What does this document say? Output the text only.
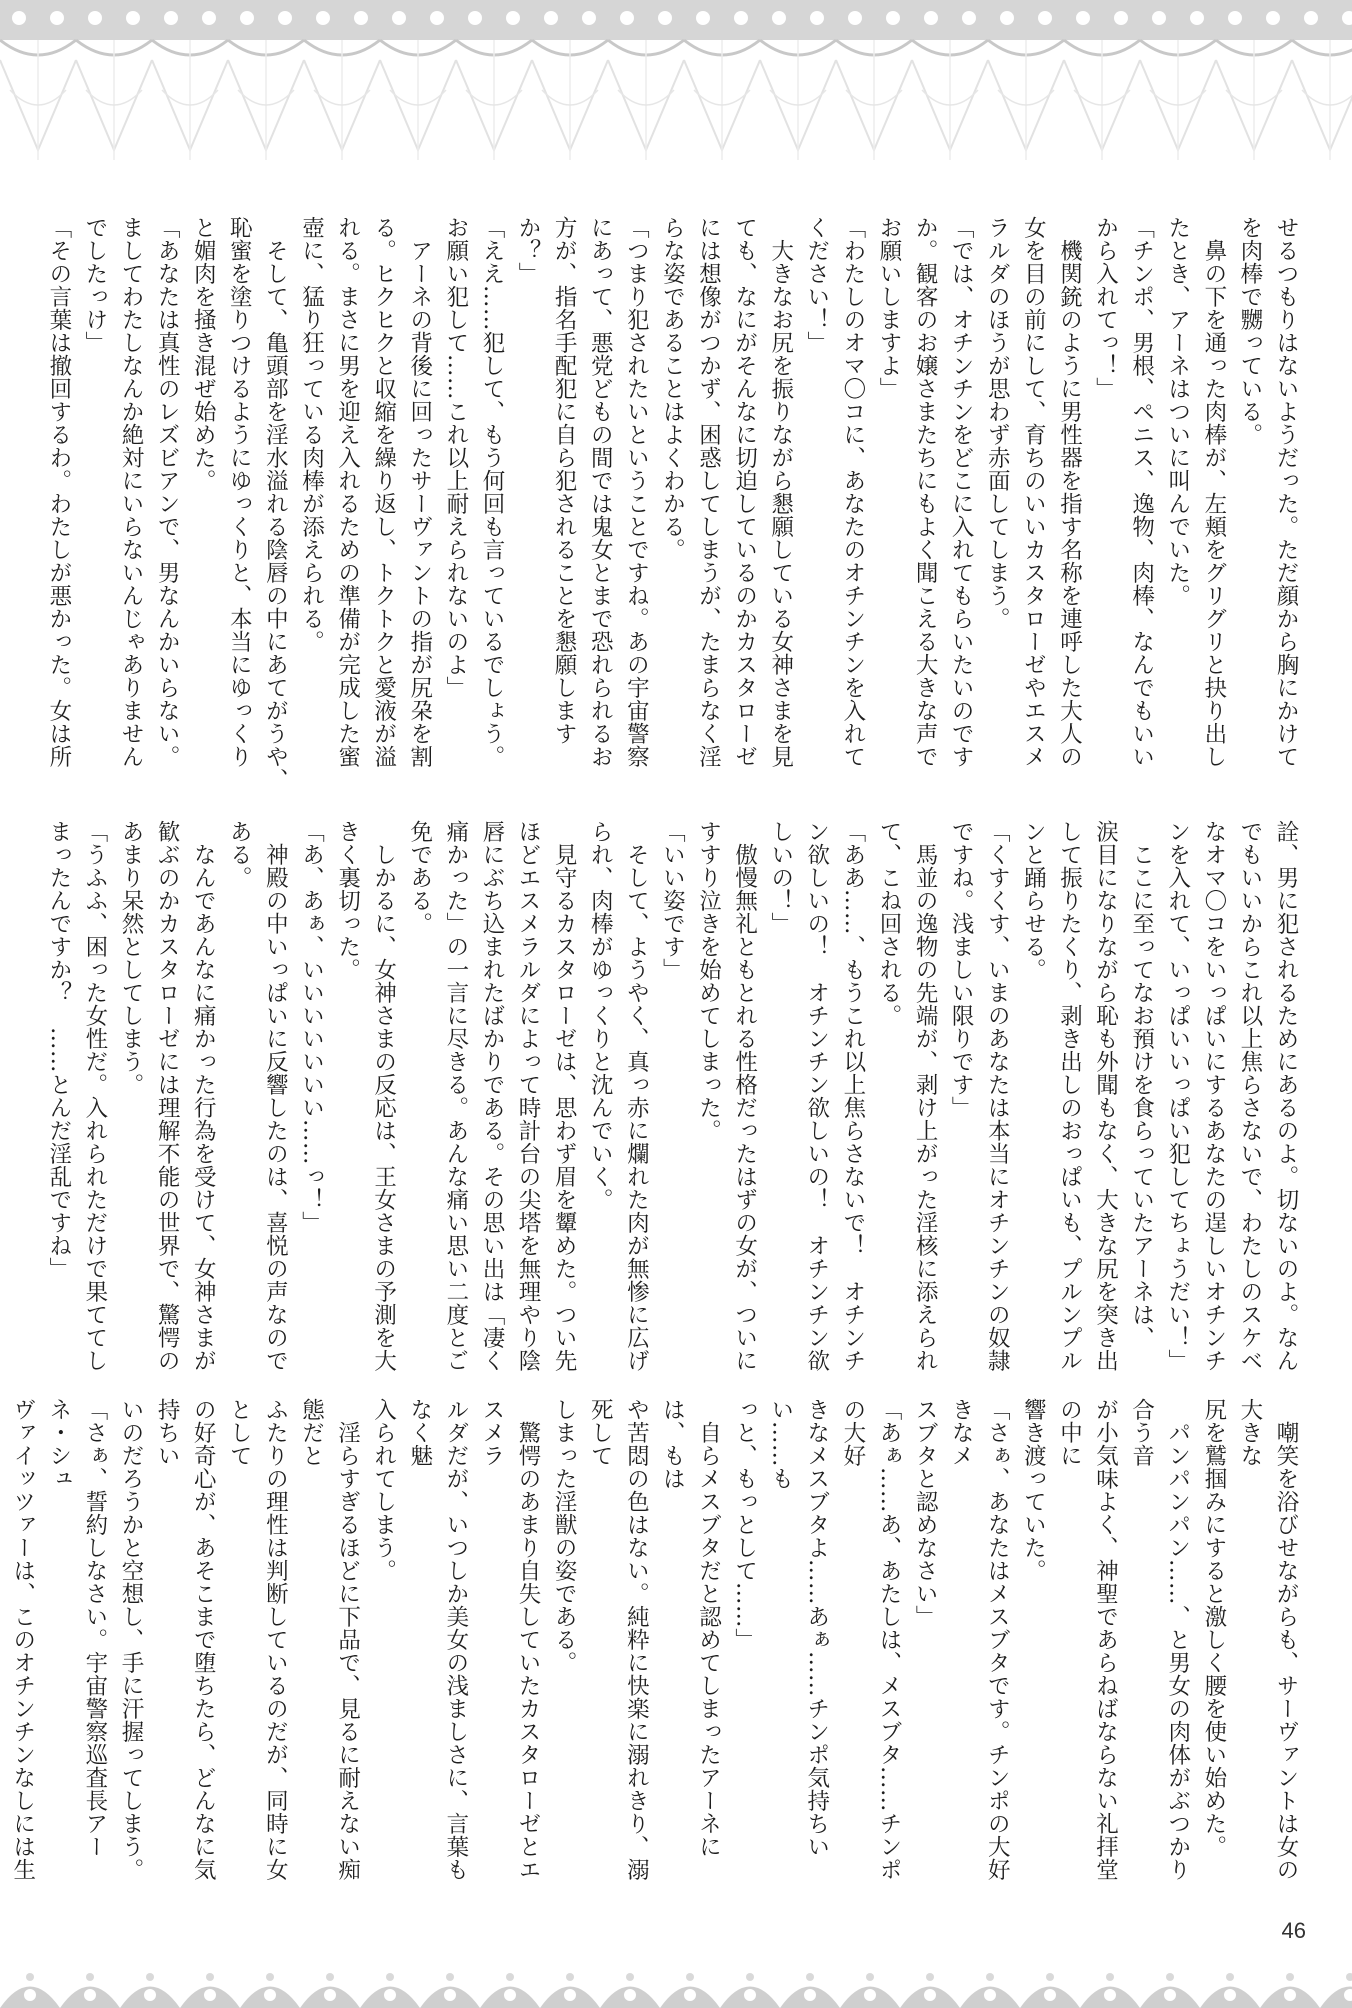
せるつもりはないようだった。ただ顔から胸にかけて

を肉棒で嬲っている。

　鼻の下を通った肉棒が、左頬をグリグリと抉り出し

たとき、アーネはついに叫んでいた。

「チンポ、男根、ペニス、逸物、肉棒、なんでもいい

から入れてっ！」

　機関銃のように男性器を指す名称を連呼した大人の

女を目の前にして、育ちのいいカスタローゼやエスメ

ラルダのほうが思わず赤面してしまう。

「では、オチンチンをどこに入れてもらいたいのです

か。観客のお嬢さまたちにもよく聞こえる大きな声で

お願いしますよ」

「わたしのオマ〇コに、あなたのオチンチンを入れて

ください！」

　大きなお尻を振りながら懇願している女神さまを見

ても、なにがそんなに切迫しているのかカスタローゼ

には想像がつかず、困惑してしまうが、たまらなく淫

らな姿であることはよくわかる。

「つまり犯されたいということですね。あの宇宙警察

にあって、悪党どもの間では鬼女とまで恐れられるお

方が、指名手配犯に自ら犯されることを懇願します

か？」

「ええ……犯して、もう何回も言っているでしょう。

お願い犯して……これ以上耐えられないのよ」

　アーネの背後に回ったサーヴァントの指が尻朶を割

る。ヒクヒクと収縮を繰り返し、トクトクと愛液が溢

れる。まさに男を迎え入れるための準備が完成した蜜

壺に、猛り狂っている肉棒が添えられる。

　そして、亀頭部を淫水溢れる陰唇の中にあてがうや、

恥蜜を塗りつけるようにゆっくりと、本当にゆっくり

と媚肉を掻き混ぜ始めた。

「あなたは真性のレズビアンで、男なんかいらない。

ましてわたしなんか絶対にいらないんじゃありません

でしたっけ」

「その言葉は撤回するわ。わたしが悪かった。女は所

詮、男に犯されるためにあるのよ。切ないのよ。なん

でもいいからこれ以上焦らさないで、わたしのスケベ

なオマ〇コをいっぱいにするあなたの逞しいオチンチ

ンを入れて、いっぱいいっぱい犯してちょうだい！」

　ここに至ってなお預けを食らっていたアーネは、

涙目になりながら恥も外聞もなく、大きな尻を突き出

して振りたくり、剥き出しのおっぱいも、プルンプル

ンと踊らせる。

「くすくす、いまのあなたは本当にオチンチンの奴隷

ですね。浅ましい限りです」

　馬並の逸物の先端が、剥け上がった淫核に添えられ

て、こね回される。

「ああ……、もうこれ以上焦らさないで！　オチンチ

ン欲しいの！　オチンチン欲しいの！　オチンチン欲

しいの！」

　傲慢無礼ともとれる性格だったはずの女が、ついに

すすり泣きを始めてしまった。

「いい姿です」

　そして、ようやく、真っ赤に爛れた肉が無惨に広げ

られ、肉棒がゆっくりと沈んでいく。

　見守るカスタローゼは、思わず眉を顰めた。つい先

ほどエスメラルダによって時計台の尖塔を無理やり陰

唇にぶち込まれたばかりである。その思い出は「凄く

痛かった」の一言に尽きる。あんな痛い思い二度とご

免である。

　しかるに、女神さまの反応は、王女さまの予測を大

きく裏切った。

「あ、あぁ、いいいいいいい……っ！」

　神殿の中いっぱいに反響したのは、喜悦の声なので

ある。

　なんであんなに痛かった行為を受けて、女神さまが

歓ぶのかカスタローゼには理解不能の世界で、驚愕の

あまり呆然としてしまう。

「うふふ、困った女性だ。入れられただけで果ててし

まったんですか？　……とんだ淫乱ですね」

　嘲笑を浴びせながらも、サーヴァントは女の大きな

尻を鷲掴みにすると激しく腰を使い始めた。

　パンパンパン……、と男女の肉体がぶつかり合う音

が小気味よく、神聖であらねばならない礼拝堂の中に

響き渡っていた。

「さぁ、あなたはメスブタです。チンポの大好きなメ

スブタと認めなさい」

「あぁ……あ、あたしは、メスブタ……チンポの大好

きなメスブタよ……あぁ……チンポ気持ちいい……も

っと、もっとして……」

　自らメスブタだと認めてしまったアーネには、もは

や苦悶の色はない。純粋に快楽に溺れきり、溺死して

しまった淫獣の姿である。

　驚愕のあまり自失していたカスタローゼとエスメラ

ルダだが、いつしか美女の浅ましさに、言葉もなく魅

入られてしまう。

　淫らすぎるほどに下品で、見るに耐えない痴態だと

ふたりの理性は判断しているのだが、同時に女として

の好奇心が、あそこまで堕ちたら、どんなに気持ちい

いのだろうかと空想し、手に汗握ってしまう。

「さぁ、誓約しなさい。宇宙警察巡査長アーネ・シュ

ヴァイッツァーは、このオチンチンなしには生

46
